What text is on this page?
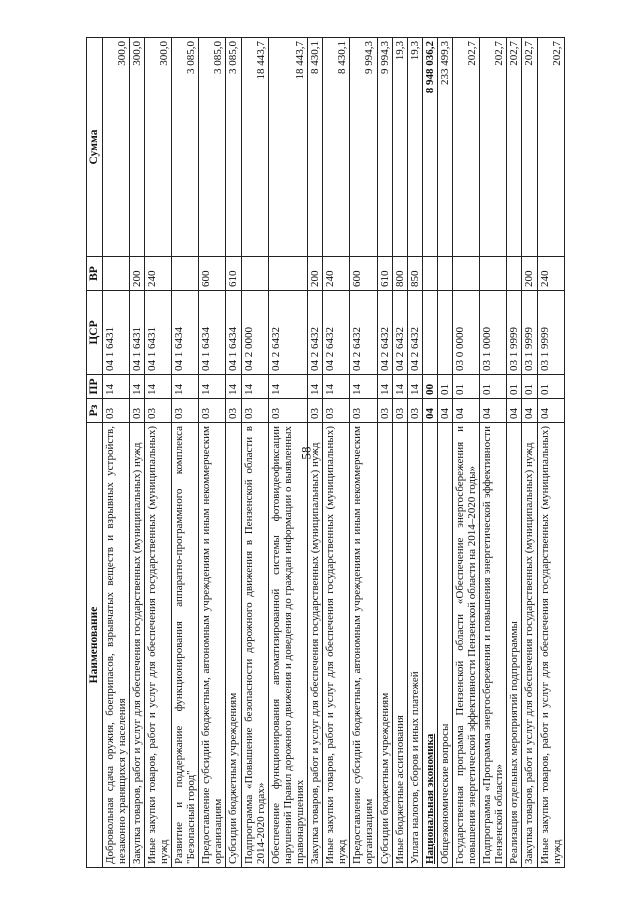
58
Наименование	Рз	ПР	ЦСР	ВР	Сумма
Добровольная сдача оружия, боеприпасов, взрывчатых веществ и взрывных устройств, незаконно хранящихся у населения	03	14	04 1 6431		300,0
Закупка товаров, работ и услуг для обеспечения государственных (муниципальных) нужд	03	14	04 1 6431	200	300,0
Иные закупки товаров, работ и услуг для обеспечения государственных (муниципальных) нужд	03	14	04 1 6431	240	300,0
Развитие и поддержание функционирования аппаратно-программного комплекса "Безопасный город"	03	14	04 1 6434		3 085,0
Предоставление субсидий бюджетным, автономным учреждениям и иным некоммерческим организациям	03	14	04 1 6434	600	3 085,0
Субсидии бюджетным учреждениям	03	14	04 1 6434	610	3 085,0
Подпрограмма «Повышение безопасности дорожного движения в Пензенской области в 2014-2020 годах»	03	14	04 2 0000		18 443,7
Обеспечение функционирования автоматизированной системы фотовидеофиксации нарушений Правил дорожного движения и доведения до граждан информации о выявленных правонарушениях	03	14	04 2 6432		18 443,7
Закупка товаров, работ и услуг для обеспечения государственных (муниципальных) нужд	03	14	04 2 6432	200	8 430,1
Иные закупки товаров, работ и услуг для обеспечения государственных (муниципальных) нужд	03	14	04 2 6432	240	8 430,1
Предоставление субсидий бюджетным, автономным учреждениям и иным некоммерческим организациям	03	14	04 2 6432	600	9 994,3
Субсидии бюджетным учреждениям	03	14	04 2 6432	610	9 994,3
Иные бюджетные ассигнования	03	14	04 2 6432	800	19,3
Уплата налогов, сборов и иных платежей	03	14	04 2 6432	850	19,3
Национальная экономика	04	00			8 948 036,2
Общеэкономические вопросы	04	01			233 499,3
Государственная программа Пензенской области «Обеспечение энергосбережения и повышения энергетической эффективности Пензенской области на 2014–2020 годы»	04	01	03 0 0000		202,7
Подпрограмма «Программа энергосбережения и повышения энергетической эффективности Пензенской области»	04	01	03 1 0000		202,7
Реализация отдельных мероприятий подпрограммы	04	01	03 1 9999		202,7
Закупка товаров, работ и услуг для обеспечения государственных (муниципальных) нужд	04	01	03 1 9999	200	202,7
Иные закупки товаров, работ и услуг для обеспечения государственных (муниципальных) нужд	04	01	03 1 9999	240	202,7
